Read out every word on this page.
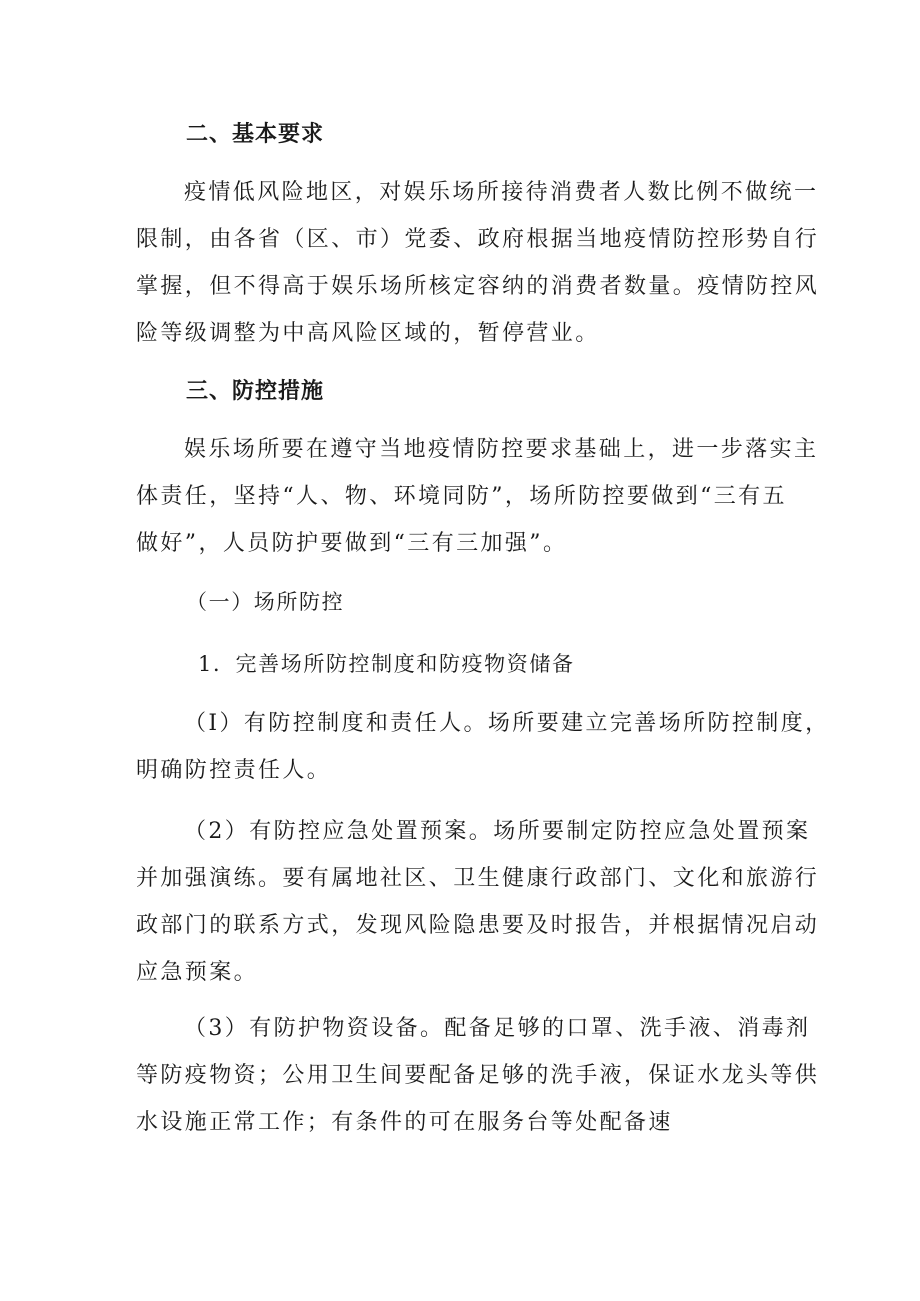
二、基本要求
疫情低风险地区，对娱乐场所接待消费者人数比例不做统一
限制，由各省（区、市）党委、政府根据当地疫情防控形势自行
掌握，但不得高于娱乐场所核定容纳的消费者数量。疫情防控风
险等级调整为中高风险区域的，暂停营业。
三、防控措施
娱乐场所要在遵守当地疫情防控要求基础上，进一步落实主
体责任，坚持“人、物、环境同防”，场所防控要做到“三有五
做好”，人员防护要做到“三有三加强”。
（一）场所防控
1．完善场所防控制度和防疫物资储备
（I）有防控制度和责任人。场所要建立完善场所防控制度，
明确防控责任人。
（2）有防控应急处置预案。场所要制定防控应急处置预案
并加强演练。要有属地社区、卫生健康行政部门、文化和旅游行
政部门的联系方式，发现风险隐患要及时报告，并根据情况启动
应急预案。
（3）有防护物资设备。配备足够的口罩、洗手液、消毒剂
等防疫物资；公用卫生间要配备足够的洗手液，保证水龙头等供
水设施正常工作；有条件的可在服务台等处配备速
